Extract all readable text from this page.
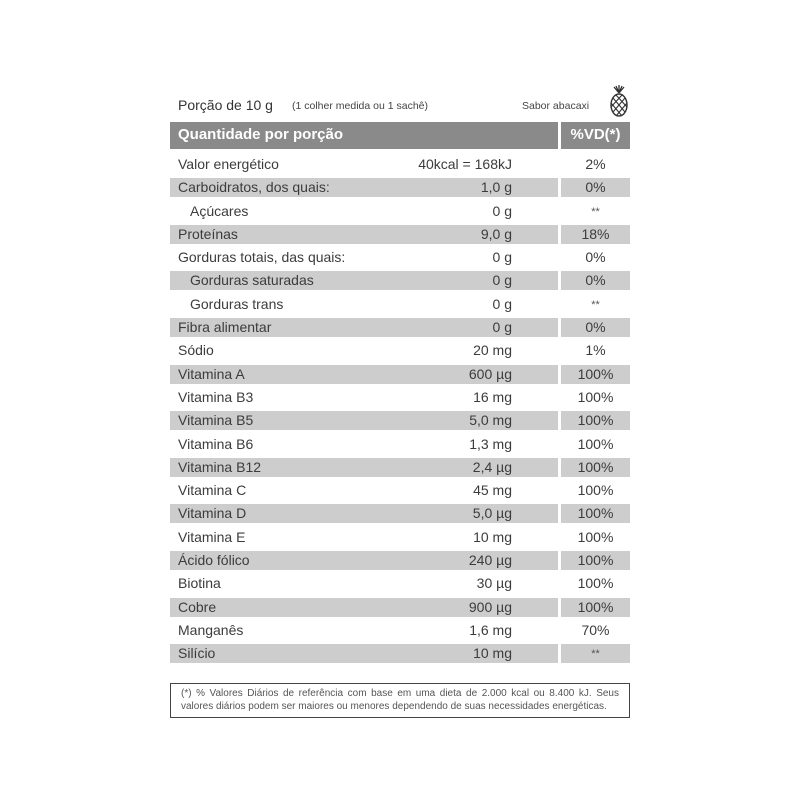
Porção de 10 g (1 colher medida ou 1 sachê)	Sabor abacaxi
Quantidade por porção	%VD(*)
Valor energético	40kcal = 168kJ	2%
Carboidratos, dos quais:	1,0 g	0%
Açúcares	0 g	**
Proteínas	9,0 g	18%
Gorduras totais, das quais:	0 g	0%
Gorduras saturadas	0 g	0%
Gorduras trans	0 g	**
Fibra alimentar	0 g	0%
Sódio	20 mg	1%
Vitamina A	600 µg	100%
Vitamina B3	16 mg	100%
Vitamina B5	5,0 mg	100%
Vitamina B6	1,3 mg	100%
Vitamina B12	2,4 µg	100%
Vitamina C	45 mg	100%
Vitamina D	5,0 µg	100%
Vitamina E	10 mg	100%
Ácido fólico	240 µg	100%
Biotina	30 µg	100%
Cobre	900 µg	100%
Manganês	1,6 mg	70%
Silício	10 mg	**
(*) % Valores Diários de referência com base em uma dieta de 2.000 kcal ou 8.400 kJ. Seus valores diários podem ser maiores ou menores dependendo de suas necessidades energéticas.
